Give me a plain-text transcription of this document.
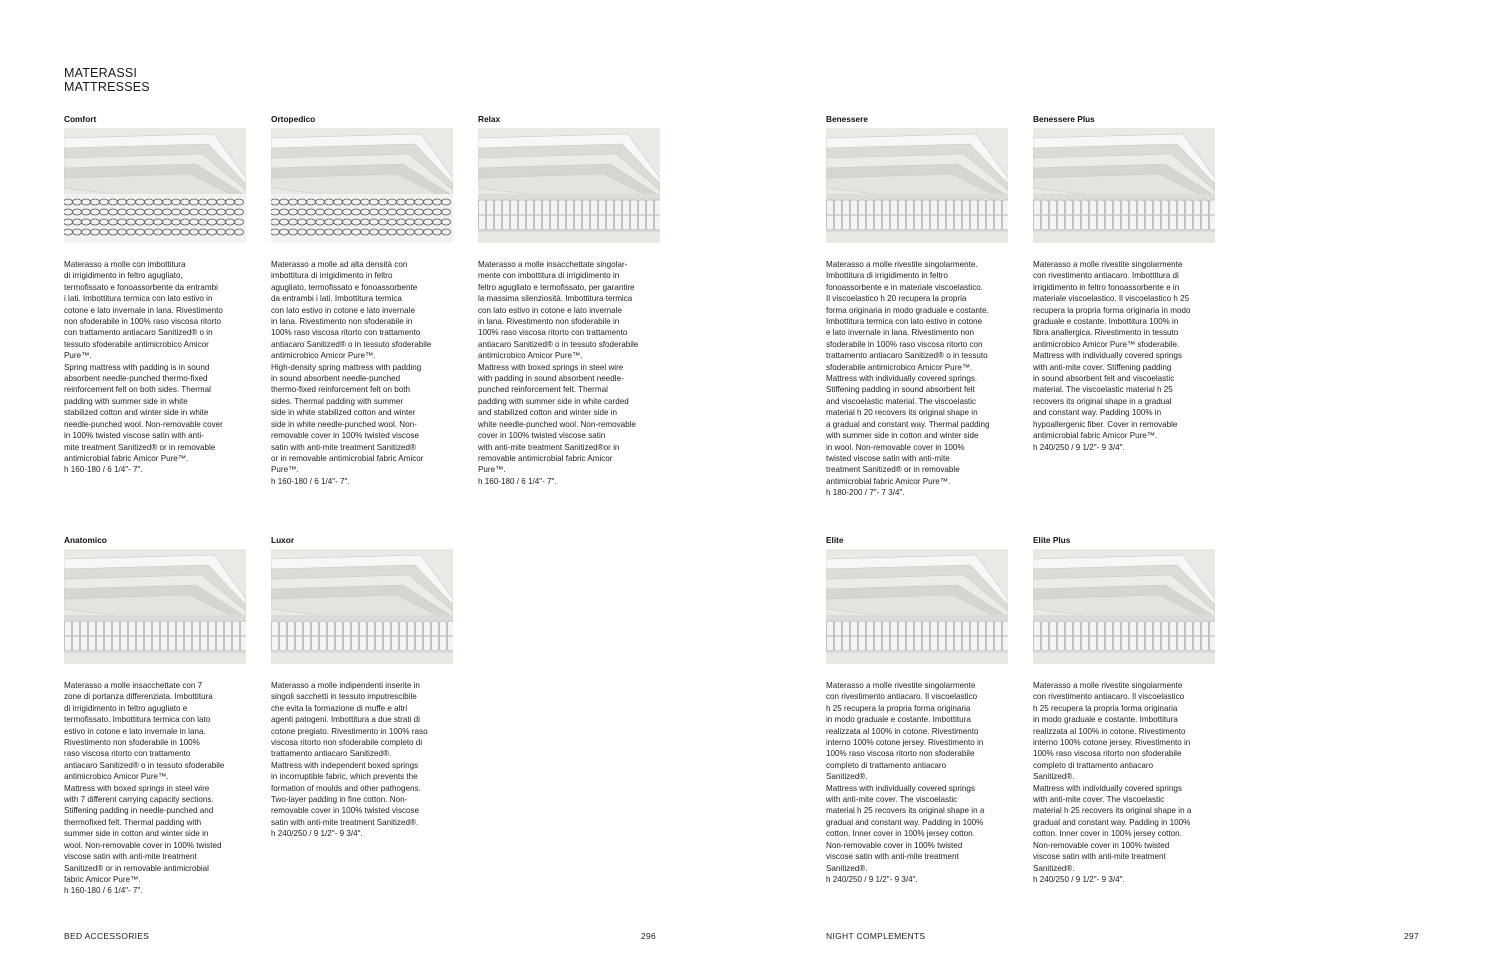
MATERASSI
MATTRESSES
Comfort
Materasso a molle con imbottitura
di irrigidimento in feltro agugliato,
termofissato e fonoassorbente da entrambi
i lati. Imbottitura termica con lato estivo in
cotone e lato invernale in lana. Rivestimento
non sfoderabile in 100% raso viscosa ritorto
con trattamento antiacaro Sanitized® o in
tessuto sfoderabile antimicrobico Amicor
Pure™.
Spring mattress with padding is in sound
absorbent needle-punched thermo-fixed
reinforcement felt on both sides. Thermal
padding with summer side in white
stabilized cotton and winter side in white
needle-punched wool. Non-removable cover
in 100% twisted viscose satin with anti-
mite treatment Sanitized® or in removable
antimicrobial fabric Amicor Pure™.
h 160-180 / 6 1/4"- 7".
Ortopedico
Materasso a molle ad alta densità con
imbottitura di irrigidimento in feltro
agugliato, termofissato e fonoassorbente
da entrambi i lati. Imbottitura termica
con lato estivo in cotone e lato invernale
in lana. Rivestimento non sfoderabile in
100% raso viscosa ritorto con trattamento
antiacaro Sanitized® o in tessuto sfoderabile
antimicrobico Amicor Pure™.
High-density spring mattress with padding
in sound absorbent needle-punched
thermo-fixed reinforcement felt on both
sides. Thermal padding with summer
side in white stabilized cotton and winter
side in white needle-punched wool. Non-
removable cover in 100% twisted viscose
satin with anti-mite treatment Sanitized®
or in removable antimicrobial fabric Amicor
Pure™.
h 160-180 / 6 1/4"- 7".
Relax
Materasso a molle insacchettate singolar-
mente con imbottitura di irrigidimento in
feltro agugliato e termofissato, per garantire
la massima silenziosità. Imbottitura termica
con lato estivo in cotone e lato invernale
in lana. Rivestimento non sfoderabile in
100% raso viscosa ritorto con trattamento
antiacaro Sanitized® o in tessuto sfoderabile
antimicrobico Amicor Pure™.
Mattress with boxed springs in steel wire
with padding in sound absorbent needle-
punched reinforcement felt. Thermal
padding with summer side in white carded
and stabilized cotton and winter side in
white needle-punched wool. Non-removable
cover in 100% twisted viscose satin
with anti-mite treatment Sanitized®or in
removable antimicrobial fabric Amicor
Pure™.
h 160-180 / 6 1/4"- 7".
Benessere
Materasso a molle rivestite singolarmente.
Imbottitura di irrigidimento in feltro
fonoassorbente e in materiale viscoelastico.
Il viscoelastico h 20 recupera la propria
forma originaria in modo graduale e costante.
Imbottitura termica con lato estivo in cotone
e lato invernale in lana. Rivestimento non
sfoderabile in 100% raso viscosa ritorto con
trattamento antiacaro Sanitized® o in tessuto
sfoderabile antimicrobico Amicor Pure™.
Mattress with individually covered springs.
Stiffening padding in sound absorbent felt
and viscoelastic material. The viscoelastic
material h 20 recovers its original shape in
a gradual and constant way. Thermal padding
with summer side in cotton and winter side
in wool. Non-removable cover in 100%
twisted viscose satin with anti-mite
treatment Sanitized® or in removable
antimicrobial fabric Amicor Pure™.
h 180-200 / 7"- 7 3/4".
Benessere Plus
Materasso a molle rivestite singolarmente
con rivestimento antiacaro. Imbottitura di
irrigidimento in feltro fonoassorbente e in
materiale viscoelastico. Il viscoelastico h 25
recupera la propria forma originaria in modo
graduale e costante. Imbottitura 100% in
fibra anallergica. Rivestimento in tessuto
antimicrobico Amicor Pure™ sfoderabile.
Mattress with individually covered springs
with anti-mite cover. Stiffening padding
in sound absorbent felt and viscoelastic
material. The viscoelastic material h 25
recovers its original shape in a gradual
and constant way. Padding 100% in
hypoallergenic fiber. Cover in removable
antimicrobial fabric Amicor Pure™.
h 240/250 / 9 1/2"- 9 3/4".
Anatomico
Materasso a molle insacchettate con 7
zone di portanza differenziata. Imbottitura
di irrigidimento in feltro agugliato e
termofissato. Imbottitura termica con lato
estivo in cotone e lato invernale in lana.
Rivestimento non sfoderabile in 100%
raso viscosa ritorto con trattamento
antiacaro Sanitized® o in tessuto sfoderabile
antimicrobico Amicor Pure™.
Mattress with boxed springs in steel wire
with 7 different carrying capacity sections.
Stiffening padding in needle-punched and
thermofixed felt. Thermal padding with
summer side in cotton and winter side in
wool. Non-removable cover in 100% twisted
viscose satin with anti-mite treatment
Sanitized® or in removable antimicrobial
fabric Amicor Pure™.
h 160-180 / 6 1/4"- 7".
Luxor
Materasso a molle indipendenti inserite in
singoli sacchetti in tessuto imputrescibile
che evita la formazione di muffe e altri
agenti patogeni. Imbottitura a due strati di
cotone pregiato. Rivestimento in 100% raso
viscosa ritorto non sfoderabile completo di
trattamento antiacaro Sanitized®.
Mattress with independent boxed springs
in incorruptible fabric, which prevents the
formation of moulds and other pathogens.
Two-layer padding in fine cotton. Non-
removable cover in 100% twisted viscose
satin with anti-mite treatment Sanitized®.
h 240/250 / 9 1/2"- 9 3/4".
Elite
Materasso a molle rivestite singolarmente
con rivestimento antiacaro. Il viscoelastico
h 25 recupera la propria forma originaria
in modo graduale e costante. Imbottitura
realizzata al 100% in cotone. Rivestimento
interno 100% cotone jersey. Rivestimento in
100% raso viscosa ritorto non sfoderabile
completo di trattamento antiacaro
Sanitized®.
Mattress with individually covered springs
with anti-mite cover. The viscoelastic
material h 25 recovers its original shape in a
gradual and constant way. Padding in 100%
cotton. Inner cover in 100% jersey cotton.
Non-removable cover in 100% twisted
viscose satin with anti-mite treatment
Sanitized®.
h 240/250 / 9 1/2"- 9 3/4".
Elite Plus
Materasso a molle rivestite singolarmente
con rivestimento antiacaro. Il viscoelastico
h 25 recupera la propria forma originaria
in modo graduale e costante. Imbottitura
realizzata al 100% in cotone. Rivestimento
interno 100% cotone jersey. Rivestimento in
100% raso viscosa ritorto non sfoderabile
completo di trattamento antiacaro
Sanitized®.
Mattress with individually covered springs
with anti-mite cover. The viscoelastic
material h 25 recovers its original shape in a
gradual and constant way. Padding in 100%
cotton. Inner cover in 100% jersey cotton.
Non-removable cover in 100% twisted
viscose satin with anti-mite treatment
Sanitized®.
h 240/250 / 9 1/2"- 9 3/4".
BED ACCESSORIES	296	NIGHT COMPLEMENTS	297
